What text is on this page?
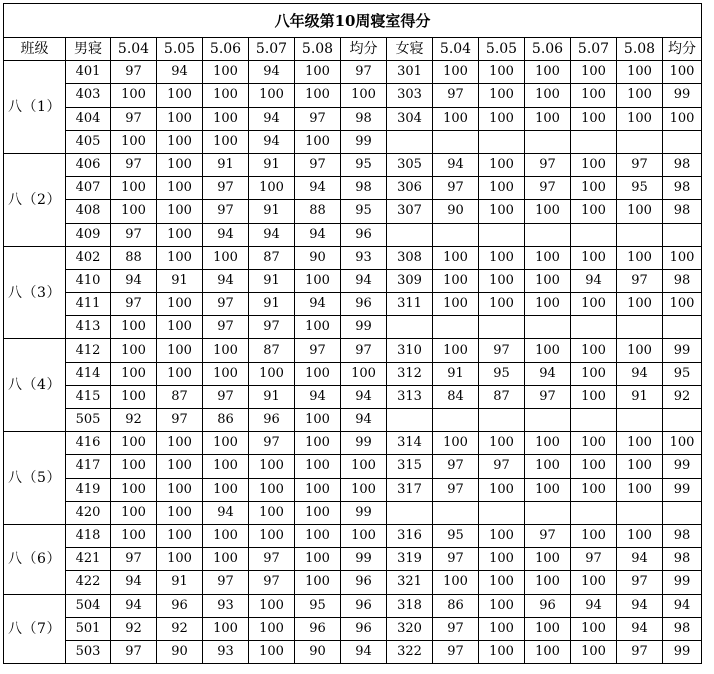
八年级第10周寝室得分														
班级	男寝	5.04	5.05	5.06	5.07	5.08	均分	女寝	5.04	5.05	5.06	5.07	5.08	均分
八（1）	401	97	94	100	94	100	97	301	100	100	100	100	100	100
	403	100	100	100	100	100	100	303	97	100	100	100	100	99
	404	97	100	100	94	97	98	304	100	100	100	100	100	100
	405	100	100	100	94	100	99							
八（2）	406	97	100	91	91	97	95	305	94	100	97	100	97	98
	407	100	100	97	100	94	98	306	97	100	97	100	95	98
	408	100	100	97	91	88	95	307	90	100	100	100	100	98
	409	97	100	94	94	94	96							
八（3）	402	88	100	100	87	90	93	308	100	100	100	100	100	100
	410	94	91	94	91	100	94	309	100	100	100	94	97	98
	411	97	100	97	91	94	96	311	100	100	100	100	100	100
	413	100	100	97	97	100	99							
八（4）	412	100	100	100	87	97	97	310	100	97	100	100	100	99
	414	100	100	100	100	100	100	312	91	95	94	100	94	95
	415	100	87	97	91	94	94	313	84	87	97	100	91	92
	505	92	97	86	96	100	94							
八（5）	416	100	100	100	97	100	99	314	100	100	100	100	100	100
	417	100	100	100	100	100	100	315	97	97	100	100	100	99
	419	100	100	100	100	100	100	317	97	100	100	100	100	99
	420	100	100	94	100	100	99							
八（6）	418	100	100	100	100	100	100	316	95	100	97	100	100	98
	421	97	100	100	97	100	99	319	97	100	100	97	94	98
	422	94	91	97	97	100	96	321	100	100	100	100	97	99
八（7）	504	94	96	93	100	95	96	318	86	100	96	94	94	94
	501	92	92	100	100	96	96	320	97	100	100	100	94	98
	503	97	90	93	100	90	94	322	97	100	100	100	97	99
